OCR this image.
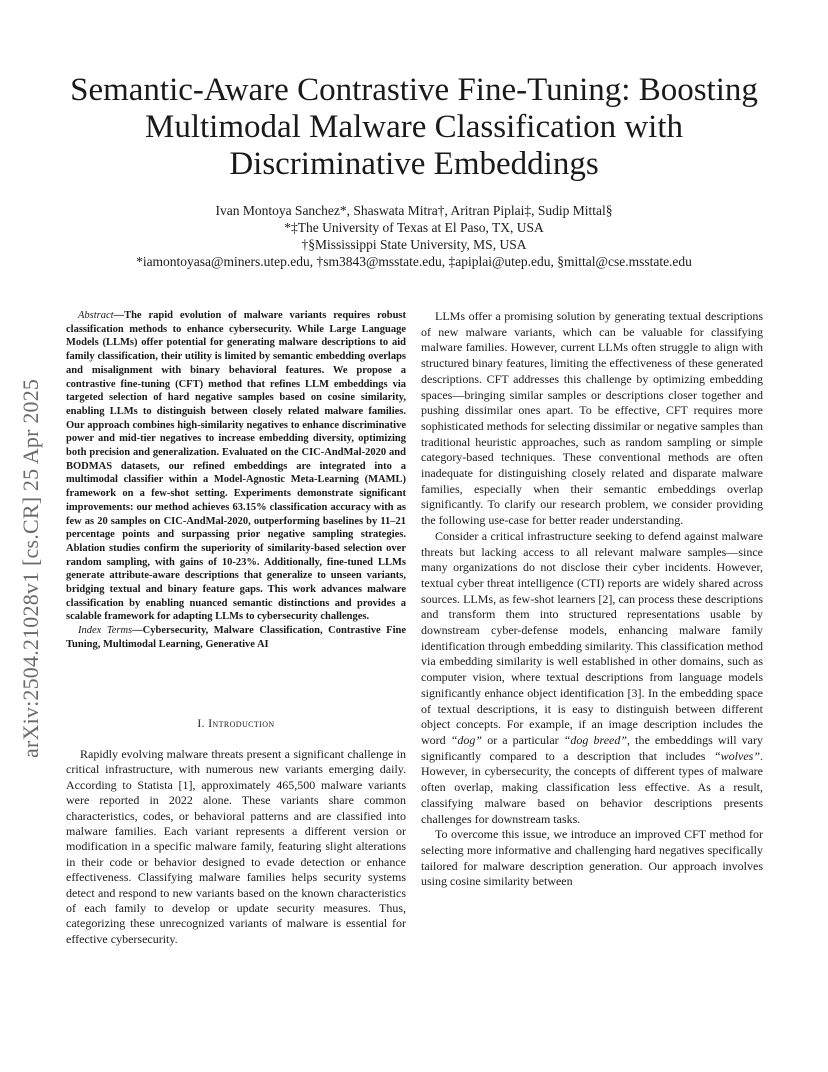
Semantic-Aware Contrastive Fine-Tuning: Boosting
Multimodal Malware Classification with
Discriminative Embeddings
Ivan Montoya Sanchez*, Shaswata Mitra†, Aritran Piplai‡, Sudip Mittal§
*‡The University of Texas at El Paso, TX, USA
†§Mississippi State University, MS, USA
*iamontoyasa@miners.utep.edu, †sm3843@msstate.edu, ‡apiplai@utep.edu, §mittal@cse.msstate.edu
arXiv:2504.21028v1 [cs.CR] 25 Apr 2025

Abstract—The rapid evolution of malware variants requires robust classification methods to enhance cybersecurity. While Large Language Models (LLMs) offer potential for generating malware descriptions to aid family classification, their utility is limited by semantic embedding overlaps and misalignment with binary behavioral features. We propose a contrastive fine-tuning (CFT) method that refines LLM embeddings via targeted selection of hard negative samples based on cosine similarity, enabling LLMs to distinguish between closely related malware families. Our approach combines high-similarity negatives to enhance discriminative power and mid-tier negatives to increase embedding diversity, optimizing both precision and generalization. Evaluated on the CIC-AndMal-2020 and BODMAS datasets, our refined embeddings are integrated into a multimodal classifier within a Model-Agnostic Meta-Learning (MAML) framework on a few-shot setting. Experiments demonstrate significant improvements: our method achieves 63.15% classification accuracy with as few as 20 samples on CIC-AndMal-2020, outperforming baselines by 11–21 percentage points and surpassing prior negative sampling strategies. Ablation studies confirm the superiority of similarity-based selection over random sampling, with gains of 10-23%. Additionally, fine-tuned LLMs generate attribute-aware descriptions that generalize to unseen variants, bridging textual and binary feature gaps. This work advances malware classification by enabling nuanced semantic distinctions and provides a scalable framework for adapting LLMs to cybersecurity challenges.

Index Terms—Cybersecurity, Malware Classification, Contrastive Fine Tuning, Multimodal Learning, Generative AI

I. Introduction

Rapidly evolving malware threats present a significant challenge in critical infrastructure, with numerous new variants emerging daily. According to Statista [1], approximately 465,500 malware variants were reported in 2022 alone. These variants share common characteristics, codes, or behavioral patterns and are classified into malware families. Each variant represents a different version or modification in a specific malware family, featuring slight alterations in their code or behavior designed to evade detection or enhance effectiveness. Classifying malware families helps security systems detect and respond to new variants based on the known characteristics of each family to develop or update security measures. Thus, categorizing these unrecognized variants of malware is essential for effective cybersecurity.

LLMs offer a promising solution by generating textual descriptions of new malware variants, which can be valuable for classifying malware families. However, current LLMs often struggle to align with structured binary features, limiting the effectiveness of these generated descriptions. CFT addresses this challenge by optimizing embedding spaces—bringing similar samples or descriptions closer together and pushing dissimilar ones apart. To be effective, CFT requires more sophisticated methods for selecting dissimilar or negative samples than traditional heuristic approaches, such as random sampling or simple category-based techniques. These conventional methods are often inadequate for distinguishing closely related and disparate malware families, especially when their semantic embeddings overlap significantly. To clarify our research problem, we consider providing the following use-case for better reader understanding.

Consider a critical infrastructure seeking to defend against malware threats but lacking access to all relevant malware samples—since many organizations do not disclose their cyber incidents. However, textual cyber threat intelligence (CTI) reports are widely shared across sources. LLMs, as few-shot learners [2], can process these descriptions and transform them into structured representations usable by downstream cyber-defense models, enhancing malware family identification through embedding similarity. This classification method via embedding similarity is well established in other domains, such as computer vision, where textual descriptions from language models significantly enhance object identification [3]. In the embedding space of textual descriptions, it is easy to distinguish between different object concepts. For example, if an image description includes the word “dog” or a particular “dog breed”, the embeddings will vary significantly compared to a description that includes “wolves”. However, in cybersecurity, the concepts of different types of malware often overlap, making classification less effective. As a result, classifying malware based on behavior descriptions presents challenges for downstream tasks.

To overcome this issue, we introduce an improved CFT method for selecting more informative and challenging hard negatives specifically tailored for malware description generation. Our approach involves using cosine similarity between
